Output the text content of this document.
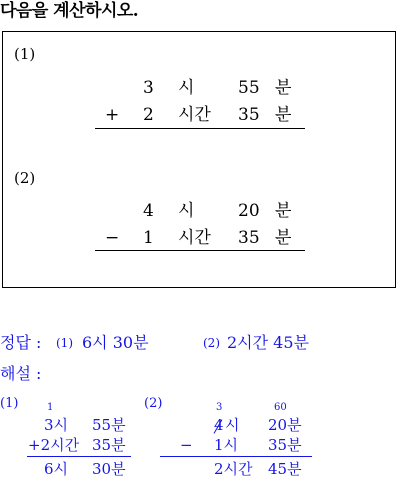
다음을 계산하시오.
(1)
3 시	55 분
+ 2 시간 35 분
(2)
4 시	20 분
− 1 시간 35 분
정답 : (1) 6시 30분	(2) 2시간 45분
해설 :
(1)	1
3시 55분
+2시간 35분
6시 30분
(2)	3	60
4 시 20분
− 1시 35분
2시간 45분
